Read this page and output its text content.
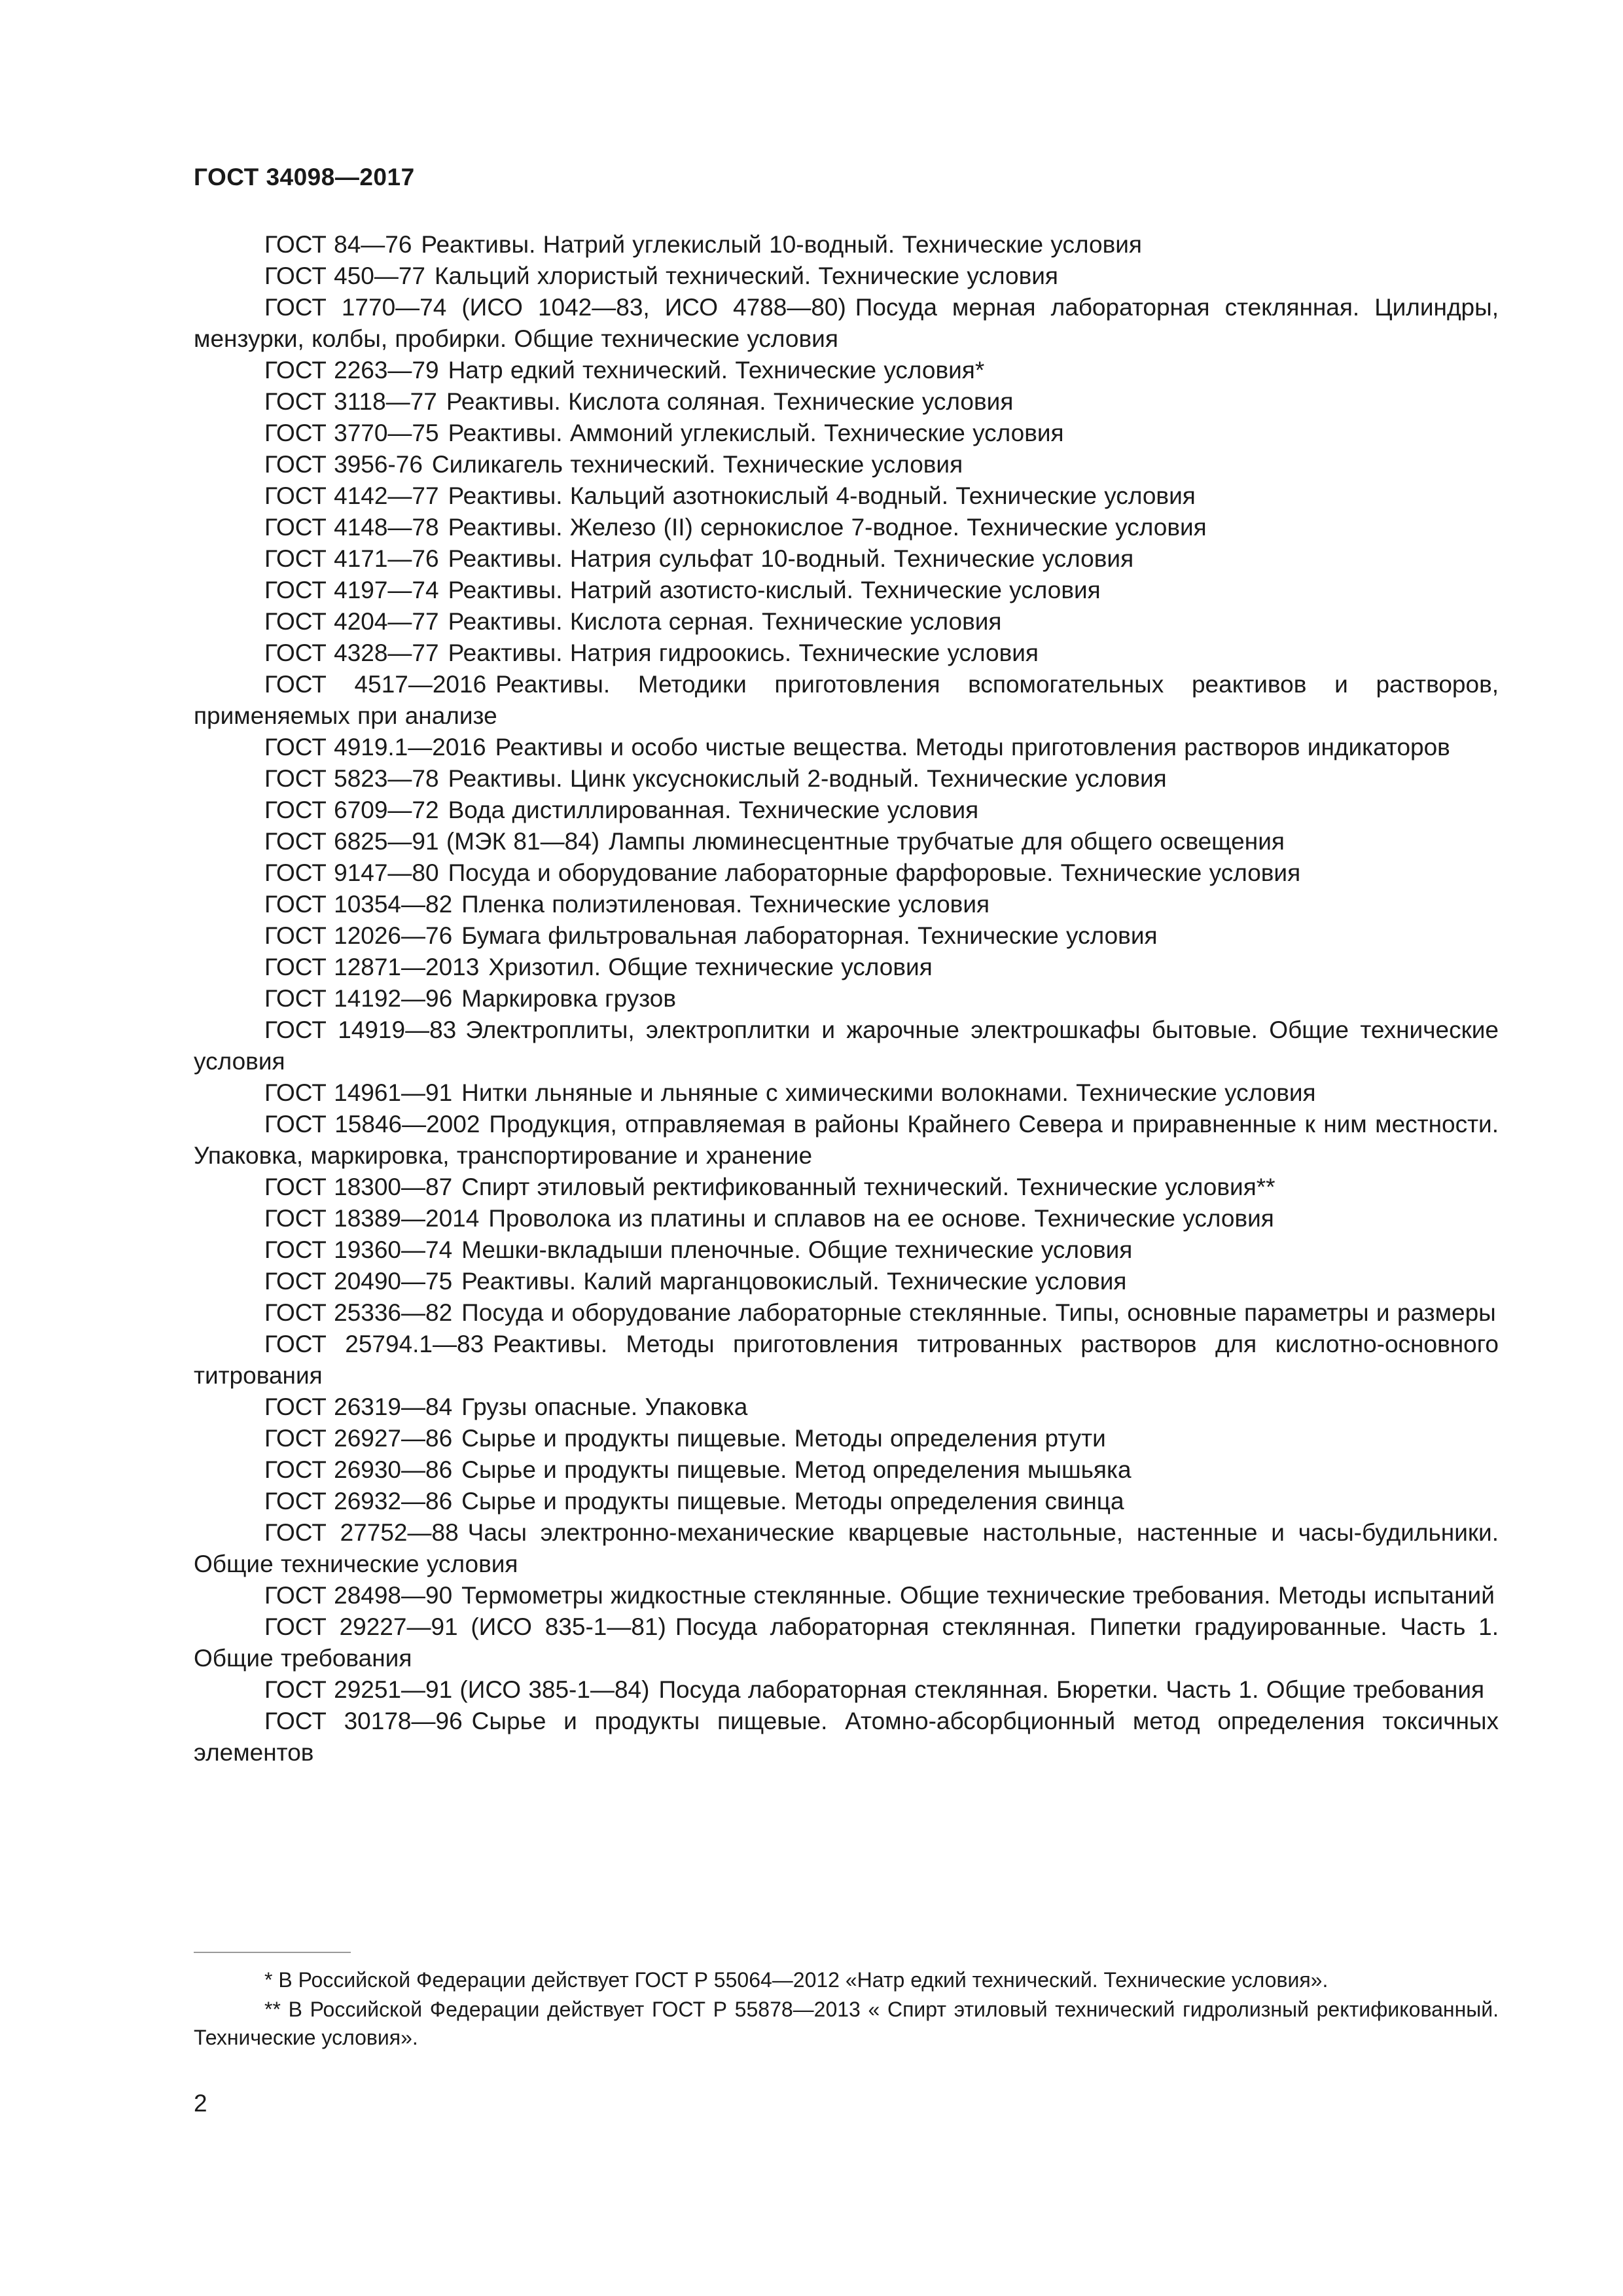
ГОСТ 34098—2017

ГОСТ 84—76 Реактивы. Натрий углекислый 10-водный. Технические условия

ГОСТ 450—77 Кальций хлористый технический. Технические условия

ГОСТ 1770—74 (ИСО 1042—83, ИСО 4788—80) Посуда мерная лабораторная стеклянная. Цилиндры, мензурки, колбы, пробирки. Общие технические условия

ГОСТ 2263—79 Натр едкий технический. Технические условия*

ГОСТ 3118—77 Реактивы. Кислота соляная. Технические условия

ГОСТ 3770—75 Реактивы. Аммоний углекислый. Технические условия

ГОСТ 3956-76 Силикагель технический. Технические условия

ГОСТ 4142—77 Реактивы. Кальций азотнокислый 4-водный. Технические условия

ГОСТ 4148—78 Реактивы. Железо (II) сернокислое 7-водное. Технические условия

ГОСТ 4171—76 Реактивы. Натрия сульфат 10-водный. Технические условия

ГОСТ 4197—74 Реактивы. Натрий азотисто-кислый. Технические условия

ГОСТ 4204—77 Реактивы. Кислота серная. Технические условия

ГОСТ 4328—77 Реактивы. Натрия гидроокись. Технические условия

ГОСТ 4517—2016 Реактивы. Методики приготовления вспомогательных реактивов и растворов, применяемых при анализе

ГОСТ 4919.1—2016 Реактивы и особо чистые вещества. Методы приготовления растворов индикаторов

ГОСТ 5823—78 Реактивы. Цинк уксуснокислый 2-водный. Технические условия

ГОСТ 6709—72 Вода дистиллированная. Технические условия

ГОСТ 6825—91 (МЭК 81—84) Лампы люминесцентные трубчатые для общего освещения

ГОСТ 9147—80 Посуда и оборудование лабораторные фарфоровые. Технические условия

ГОСТ 10354—82 Пленка полиэтиленовая. Технические условия

ГОСТ 12026—76 Бумага фильтровальная лабораторная. Технические условия

ГОСТ 12871—2013 Хризотил. Общие технические условия

ГОСТ 14192—96 Маркировка грузов

ГОСТ 14919—83 Электроплиты, электроплитки и жарочные электрошкафы бытовые. Общие технические условия

ГОСТ 14961—91 Нитки льняные и льняные с химическими волокнами. Технические условия

ГОСТ 15846—2002 Продукция, отправляемая в районы Крайнего Севера и приравненные к ним местности. Упаковка, маркировка, транспортирование и хранение

ГОСТ 18300—87 Спирт этиловый ректификованный технический. Технические условия**

ГОСТ 18389—2014 Проволока из платины и сплавов на ее основе. Технические условия

ГОСТ 19360—74 Мешки-вкладыши пленочные. Общие технические условия

ГОСТ 20490—75 Реактивы. Калий марганцовокислый. Технические условия

ГОСТ 25336—82 Посуда и оборудование лабораторные стеклянные. Типы, основные параметры и размеры

ГОСТ 25794.1—83 Реактивы. Методы приготовления титрованных растворов для кислотно-основного титрования

ГОСТ 26319—84 Грузы опасные. Упаковка

ГОСТ 26927—86 Сырье и продукты пищевые. Методы определения ртути

ГОСТ 26930—86 Сырье и продукты пищевые. Метод определения мышьяка

ГОСТ 26932—86 Сырье и продукты пищевые. Методы определения свинца

ГОСТ 27752—88 Часы электронно-механические кварцевые настольные, настенные и часы-будильники. Общие технические условия

ГОСТ 28498—90 Термометры жидкостные стеклянные. Общие технические требования. Методы испытаний

ГОСТ 29227—91 (ИСО 835-1—81) Посуда лабораторная стеклянная. Пипетки градуированные. Часть 1. Общие требования

ГОСТ 29251—91 (ИСО 385-1—84) Посуда лабораторная стеклянная. Бюретки. Часть 1. Общие требования

ГОСТ 30178—96 Сырье и продукты пищевые. Атомно-абсорбционный метод определения токсичных элементов

* В Российской Федерации действует ГОСТ Р 55064—2012 «Натр едкий технический. Технические условия».

** В Российской Федерации действует ГОСТ Р 55878—2013 « Спирт этиловый технический гидролизный ректификованный. Технические условия».

2
